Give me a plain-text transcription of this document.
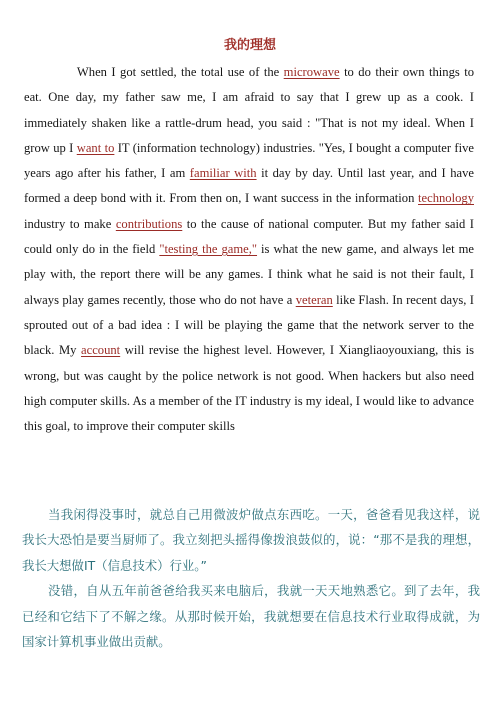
我的理想

When I got settled, the total use of the microwave to do their own things to eat. One day, my father saw me, I am afraid to say that I grew up as a cook. I immediately shaken like a rattle-drum head, you said : "That is not my ideal. When I grow up I want to IT (information technology) industries. "Yes, I bought a computer five years ago after his father, I am familiar with it day by day. Until last year, and I have formed a deep bond with it. From then on, I want success in the information technology industry to make contributions to the cause of national computer. But my father said I could only do in the field "testing the game," is what the new game, and always let me play with, the report there will be any games. I think what he said is not their fault, I always play games recently, those who do not have a veteran like Flash. In recent days, I sprouted out of a bad idea : I will be playing the game that the network server to the black. My account will revise the highest level. However, I Xiangliaoyouxiang, this is wrong, but was caught by the police network is not good. When hackers but also need high computer skills. As a member of the IT industry is my ideal, I would like to advance this goal, to improve their computer skills

当我闲得没事时，就总自己用微波炉做点东西吃。一天，爸爸看见我这样，说我长大恐怕是要当厨师了。我立刻把头摇得像拨浪鼓似的，说：“那不是我的理想，我长大想做IT（信息技术）行业。”

没错，自从五年前爸爸给我买来电脑后，我就一天天地熟悉它。到了去年，我已经和它结下了不解之缘。从那时候开始，我就想要在信息技术行业取得成就，为国家计算机事业做出贡献。
